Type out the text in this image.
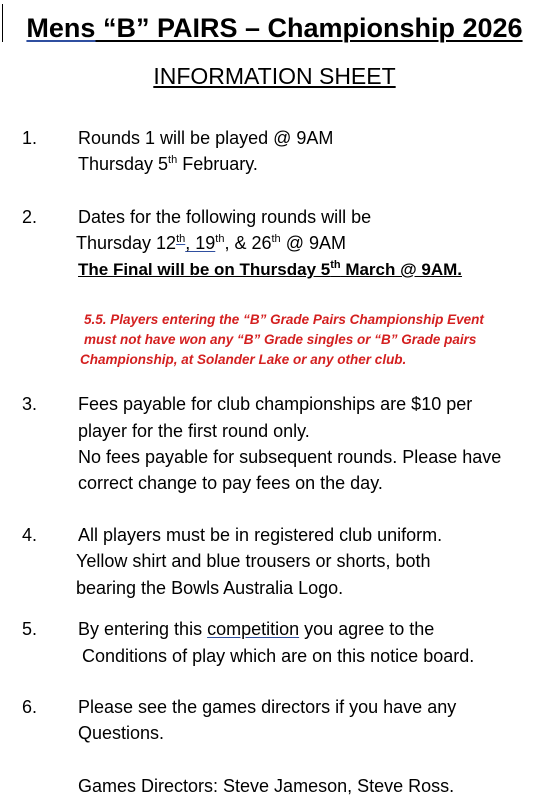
Mens “B” PAIRS – Championship 2026
INFORMATION SHEET
1. Rounds 1 will be played @ 9AM
Thursday 5th February.
2. Dates for the following rounds will be
Thursday 12th, 19th, & 26th @ 9AM
The Final will be on Thursday 5th March @ 9AM.
5.5. Players entering the “B” Grade Pairs Championship Event
must not have won any “B” Grade singles or “B” Grade pairs
Championship, at Solander Lake or any other club.
3. Fees payable for club championships are $10 per
player for the first round only.
No fees payable for subsequent rounds. Please have
correct change to pay fees on the day.
4. All players must be in registered club uniform.
Yellow shirt and blue trousers or shorts, both
bearing the Bowls Australia Logo.
5. By entering this competition you agree to the
Conditions of play which are on this notice board.
6. Please see the games directors if you have any
Questions.
Games Directors: Steve Jameson, Steve Ross.
